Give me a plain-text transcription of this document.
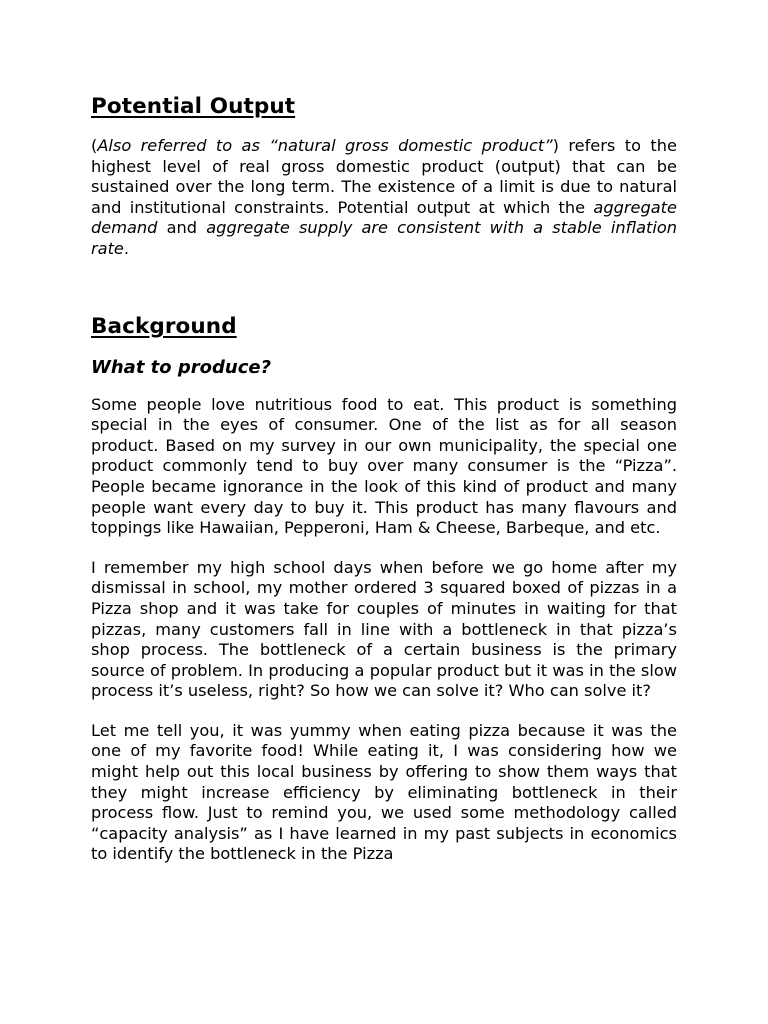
Potential Output

(Also referred to as “natural gross domestic product”) refers to the highest level of real gross domestic product (output) that can be sustained over the long term. The existence of a limit is due to natural and institutional constraints. Potential output at which the aggregate demand and aggregate supply are consistent with a stable inflation rate.

Background
What to produce?

Some people love nutritious food to eat. This product is something special in the eyes of consumer. One of the list as for all season product. Based on my survey in our own municipality, the special one product commonly tend to buy over many consumer is the “Pizza”. People became ignorance in the look of this kind of product and many people want every day to buy it. This product has many flavours and toppings like Hawaiian, Pepperoni, Ham & Cheese, Barbeque, and etc.

I remember my high school days when before we go home after my dismissal in school, my mother ordered 3 squared boxed of pizzas in a Pizza shop and it was take for couples of minutes in waiting for that pizzas, many customers fall in line with a bottleneck in that pizza’s shop process. The bottleneck of a certain business is the primary source of problem. In producing a popular product but it was in the slow process it’s useless, right? So how we can solve it? Who can solve it?

Let me tell you, it was yummy when eating pizza because it was the one of my favorite food! While eating it, I was considering how we might help out this local business by offering to show them ways that they might increase efficiency by eliminating bottleneck in their process flow. Just to remind you, we used some methodology called “capacity analysis” as I have learned in my past subjects in economics to identify the bottleneck in the Pizza
